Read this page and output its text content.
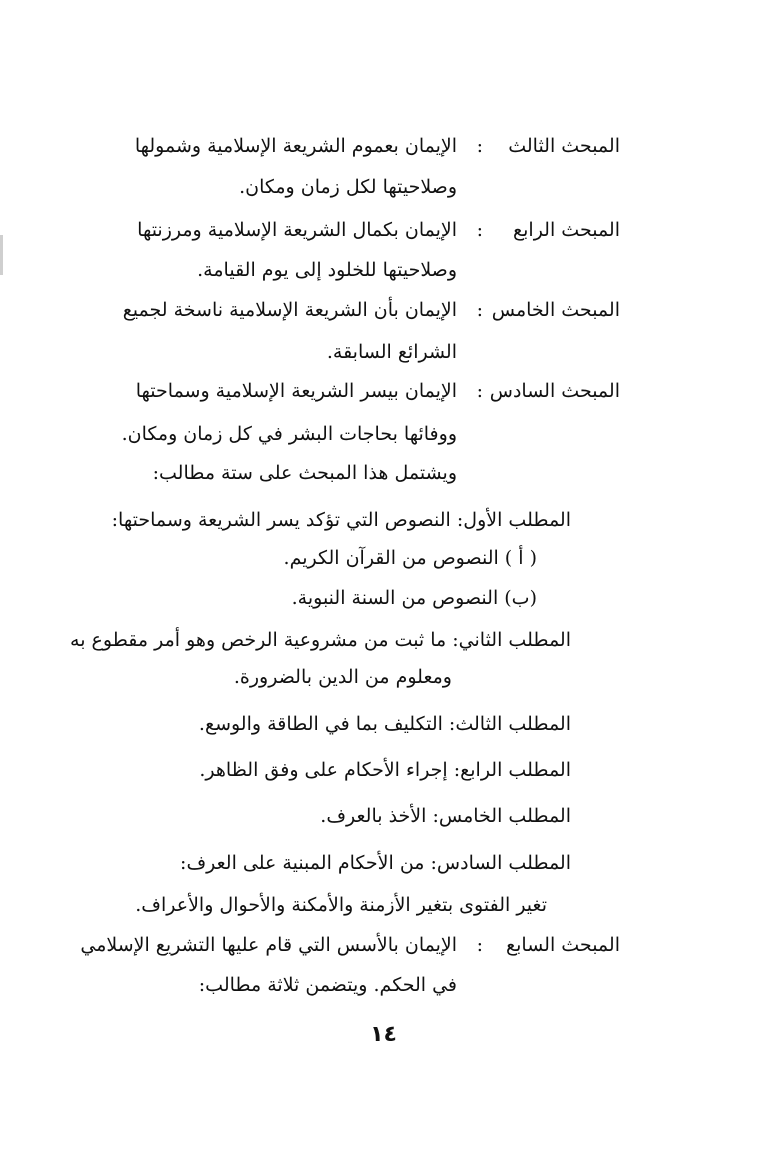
المبحث الثالث
:
الإيمان بعموم الشريعة الإسلامية وشمولها
وصلاحيتها لكل زمان ومكان.
المبحث الرابع
:
الإيمان بكمال الشريعة الإسلامية ومرزنتها
وصلاحيتها للخلود إلى يوم القيامة.
المبحث الخامس
:
الإيمان بأن الشريعة الإسلامية ناسخة لجميع
الشرائع السابقة.
المبحث السادس
:
الإيمان بيسر الشريعة الإسلامية وسماحتها
ووفائها بحاجات البشر في كل زمان ومكان.
ويشتمل هذا المبحث على ستة مطالب:
المطلب الأول: النصوص التي تؤكد يسر الشريعة وسماحتها:
( أ ) النصوص من القرآن الكريم.
(ب) النصوص من السنة النبوية.
المطلب الثاني: ما ثبت من مشروعية الرخص وهو أمر مقطوع به
ومعلوم من الدين بالضرورة.
المطلب الثالث: التكليف بما في الطاقة والوسع.
المطلب الرابع: إجراء الأحكام على وفق الظاهر.
المطلب الخامس: الأخذ بالعرف.
المطلب السادس: من الأحكام المبنية على العرف:
تغير الفتوى بتغير الأزمنة والأمكنة والأحوال والأعراف.
المبحث السابع
:
الإيمان بالأسس التي قام عليها التشريع الإسلامي
في الحكم. ويتضمن ثلاثة مطالب:
١٤
